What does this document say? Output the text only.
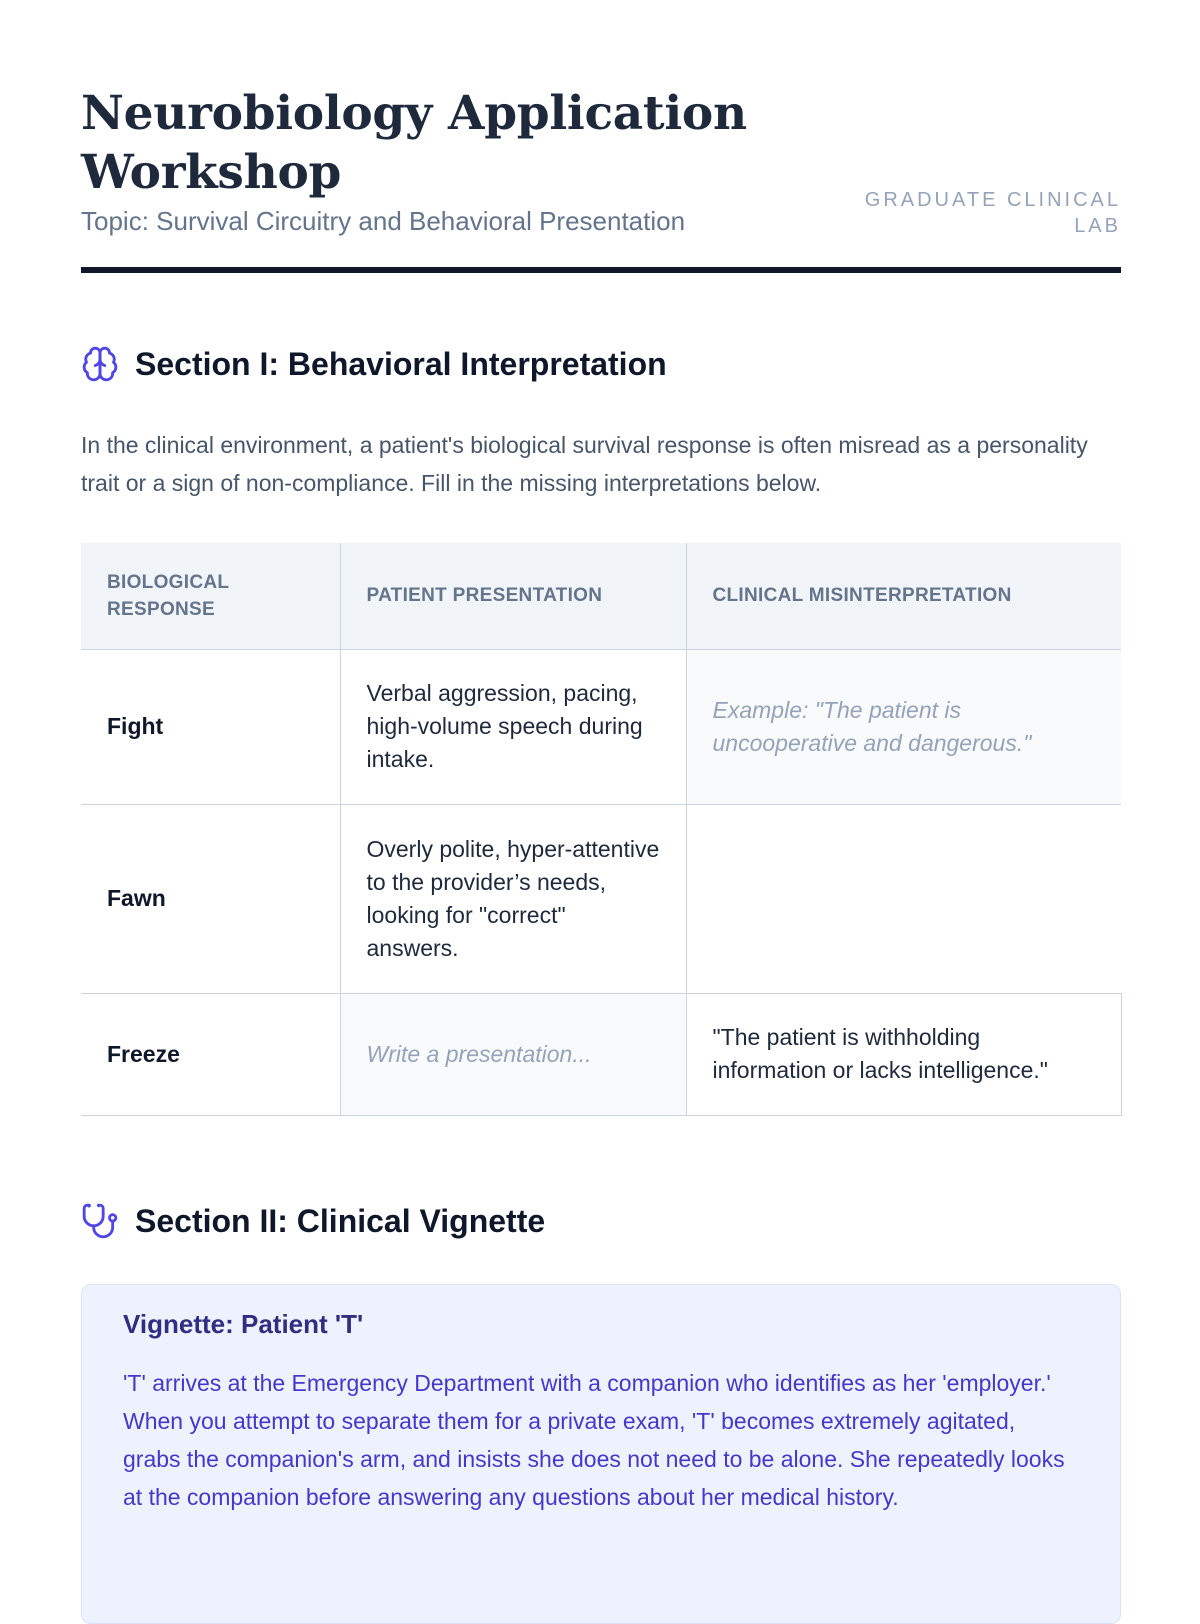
Neurobiology Application Workshop
Topic: Survival Circuitry and Behavioral Presentation
GRADUATE CLINICAL LAB
Section I: Behavioral Interpretation

In the clinical environment, a patient's biological survival response is often misread as a personality trait or a sign of non-compliance. Fill in the missing interpretations below.

BIOLOGICAL RESPONSE	PATIENT PRESENTATION	CLINICAL MISINTERPRETATION
Fight	Verbal aggression, pacing, high-volume speech during intake.	Example: "The patient is uncooperative and dangerous."
Fawn	Overly polite, hyper-attentive to the provider’s needs, looking for "correct" answers.	
Freeze	Write a presentation...	"The patient is withholding information or lacks intelligence."
Section II: Clinical Vignette
Vignette: Patient 'T'

'T' arrives at the Emergency Department with a companion who identifies as her 'employer.' When you attempt to separate them for a private exam, 'T' becomes extremely agitated, grabs the companion's arm, and insists she does not need to be alone. She repeatedly looks at the companion before answering any questions about her medical history.
